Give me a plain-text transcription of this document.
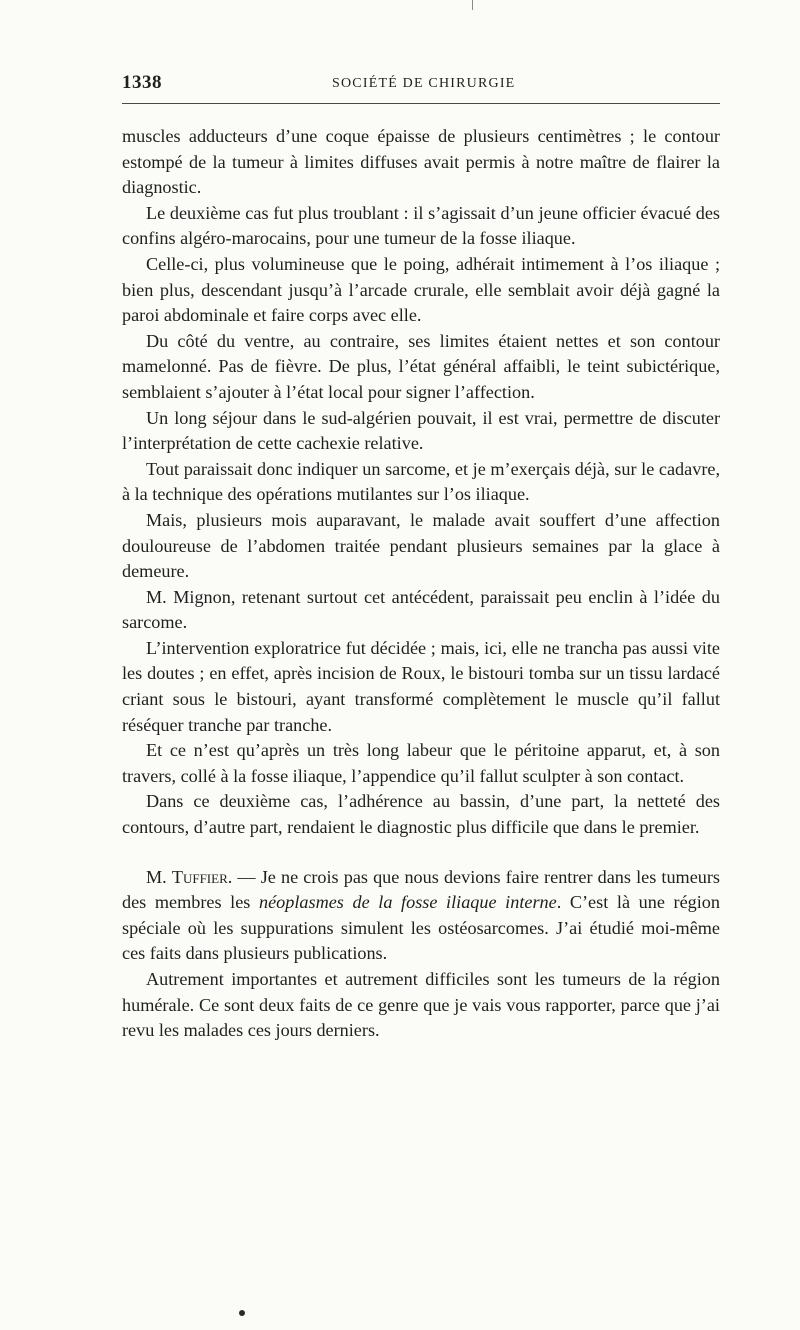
1338	SOCIÉTÉ DE CHIRURGIE

muscles adducteurs d’une coque épaisse de plusieurs centimètres ; le contour estompé de la tumeur à limites diffuses avait permis à notre maître de flairer la diagnostic.

Le deuxième cas fut plus troublant : il s’agissait d’un jeune officier évacué des confins algéro-marocains, pour une tumeur de la fosse iliaque.

Celle-ci, plus volumineuse que le poing, adhérait intimement à l’os iliaque ; bien plus, descendant jusqu’à l’arcade crurale, elle semblait avoir déjà gagné la paroi abdominale et faire corps avec elle.

Du côté du ventre, au contraire, ses limites étaient nettes et son contour mamelonné. Pas de fièvre. De plus, l’état général affaibli, le teint subictérique, semblaient s’ajouter à l’état local pour signer l’affection.

Un long séjour dans le sud-algérien pouvait, il est vrai, permettre de discuter l’interprétation de cette cachexie relative.

Tout paraissait donc indiquer un sarcome, et je m’exerçais déjà, sur le cadavre, à la technique des opérations mutilantes sur l’os iliaque.

Mais, plusieurs mois auparavant, le malade avait souffert d’une affection douloureuse de l’abdomen traitée pendant plusieurs semaines par la glace à demeure.

M. Mignon, retenant surtout cet antécédent, paraissait peu enclin à l’idée du sarcome.

L’intervention exploratrice fut décidée ; mais, ici, elle ne trancha pas aussi vite les doutes ; en effet, après incision de Roux, le bistouri tomba sur un tissu lardacé criant sous le bistouri, ayant transformé complètement le muscle qu’il fallut réséquer tranche par tranche.

Et ce n’est qu’après un très long labeur que le péritoine apparut, et, à son travers, collé à la fosse iliaque, l’appendice qu’il fallut sculpter à son contact.

Dans ce deuxième cas, l’adhérence au bassin, d’une part, la netteté des contours, d’autre part, rendaient le diagnostic plus difficile que dans le premier.

M. Tuffier. — Je ne crois pas que nous devions faire rentrer dans les tumeurs des membres les néoplasmes de la fosse iliaque interne. C’est là une région spéciale où les suppurations simulent les ostéosarcomes. J’ai étudié moi-même ces faits dans plusieurs publications.

Autrement importantes et autrement difficiles sont les tumeurs de la région humérale. Ce sont deux faits de ce genre que je vais vous rapporter, parce que j’ai revu les malades ces jours derniers.
